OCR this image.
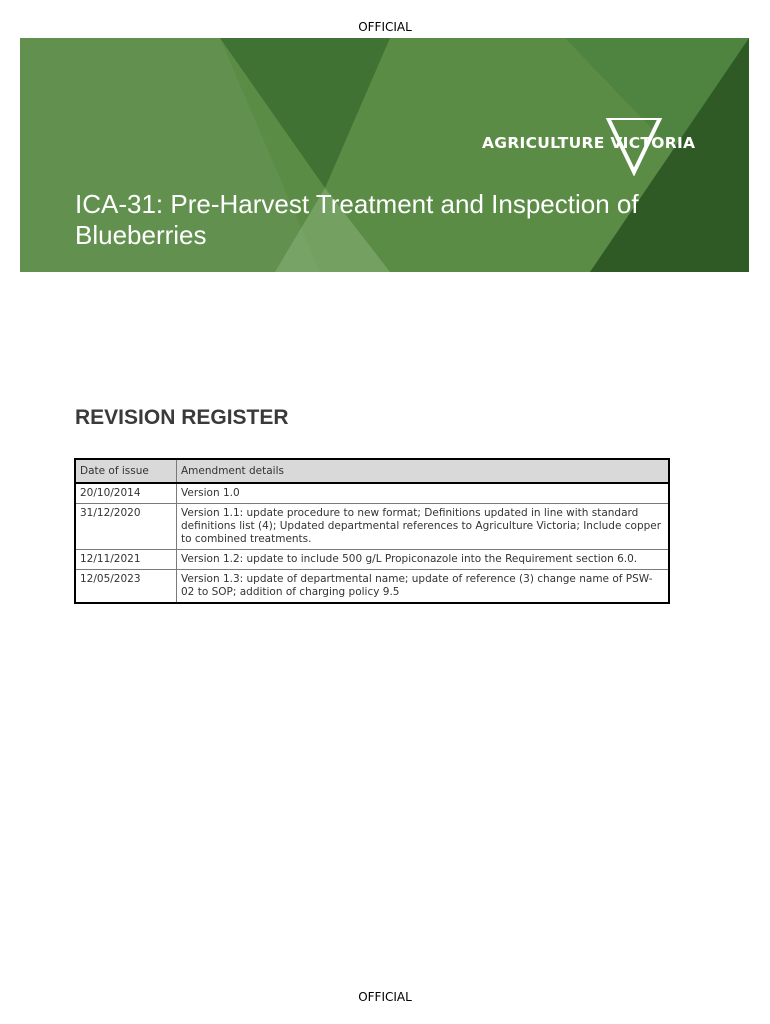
OFFICIAL
AGRICULTURE VICTORIA
ICA-31: Pre-Harvest Treatment and Inspection of Blueberries
REVISION REGISTER
Date of issue	Amendment details
20/10/2014	Version 1.0
31/12/2020	Version 1.1: update procedure to new format; Definitions updated in line with standard definitions list (4); Updated departmental references to Agriculture Victoria; Include copper to combined treatments.
12/11/2021	Version 1.2: update to include 500 g/L Propiconazole into the Requirement section 6.0.
12/05/2023	Version 1.3: update of departmental name; update of reference (3) change name of PSW-02 to SOP; addition of charging policy 9.5
OFFICIAL
